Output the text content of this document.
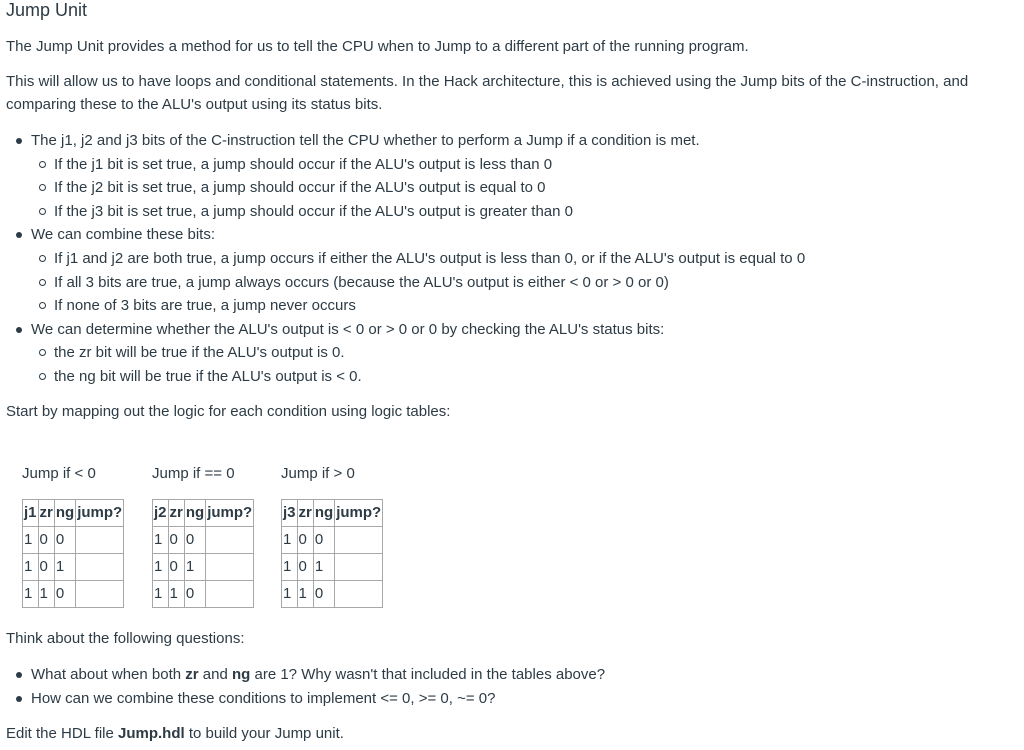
Jump Unit

The Jump Unit provides a method for us to tell the CPU when to Jump to a different part of the running program.

This will allow us to have loops and conditional statements. In the Hack architecture, this is achieved using the Jump bits of the C-instruction, and comparing these to the ALU's output using its status bits.

The j1, j2 and j3 bits of the C-instruction tell the CPU whether to perform a Jump if a condition is met.
If the j1 bit is set true, a jump should occur if the ALU's output is less than 0
If the j2 bit is set true, a jump should occur if the ALU's output is equal to 0
If the j3 bit is set true, a jump should occur if the ALU's output is greater than 0
We can combine these bits:
If j1 and j2 are both true, a jump occurs if either the ALU's output is less than 0, or if the ALU's output is equal to 0
If all 3 bits are true, a jump always occurs (because the ALU's output is either < 0 or > 0 or 0)
If none of 3 bits are true, a jump never occurs
We can determine whether the ALU's output is < 0 or > 0 or 0 by checking the ALU's status bits:
the zr bit will be true if the ALU's output is 0.
the ng bit will be true if the ALU's output is < 0.

Start by mapping out the logic for each condition using logic tables:

Jump if < 0
j1	zr	ng	jump?
1	0	0	
1	0	1	
1	1	0	
Jump if == 0
j2	zr	ng	jump?
1	0	0	
1	0	1	
1	1	0	
Jump if > 0
j3	zr	ng	jump?
1	0	0	
1	0	1	
1	1	0	

Think about the following questions:

What about when both zr and ng are 1? Why wasn't that included in the tables above?
How can we combine these conditions to implement <= 0, >= 0, ~= 0?

Edit the HDL file Jump.hdl to build your Jump unit.
